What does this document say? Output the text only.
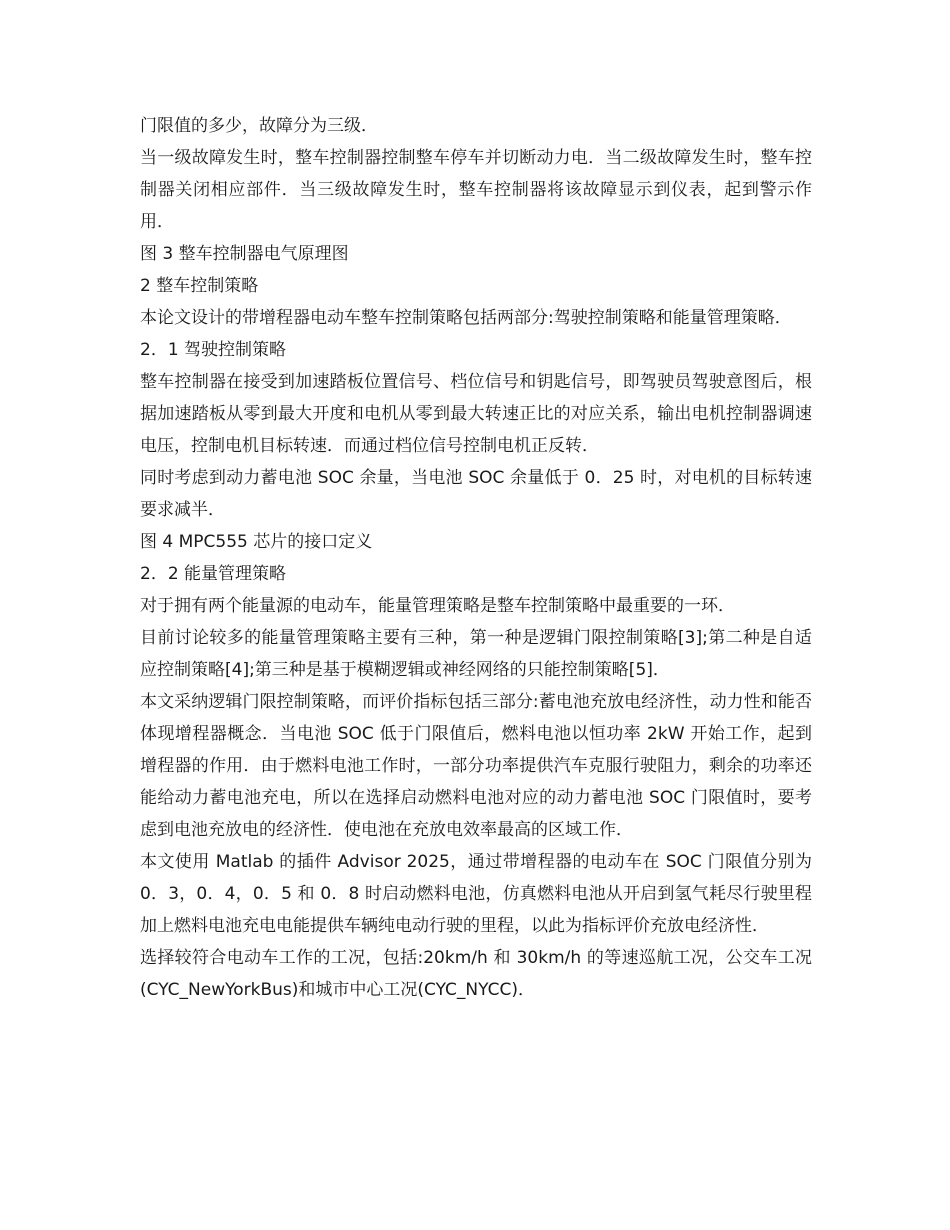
门限值的多少，故障分为三级．

当一级故障发生时，整车控制器控制整车停车并切断动力电．当二级故障发生时，整车控制器关闭相应部件．当三级故障发生时，整车控制器将该故障显示到仪表，起到警示作用．

图 3 整车控制器电气原理图

2 整车控制策略

本论文设计的带增程器电动车整车控制策略包括两部分:驾驶控制策略和能量管理策略．

2．1 驾驶控制策略

整车控制器在接受到加速踏板位置信号、档位信号和钥匙信号，即驾驶员驾驶意图后，根据加速踏板从零到最大开度和电机从零到最大转速正比的对应关系，输出电机控制器调速电压，控制电机目标转速．而通过档位信号控制电机正反转．

同时考虑到动力蓄电池 SOC 余量，当电池 SOC 余量低于 0．25 时，对电机的目标转速要求减半．

图 4 MPC555 芯片的接口定义

2．2 能量管理策略

对于拥有两个能量源的电动车，能量管理策略是整车控制策略中最重要的一环．

目前讨论较多的能量管理策略主要有三种，第一种是逻辑门限控制策略[3];第二种是自适应控制策略[4];第三种是基于模糊逻辑或神经网络的只能控制策略[5]．

本文采纳逻辑门限控制策略，而评价指标包括三部分:蓄电池充放电经济性，动力性和能否体现增程器概念．当电池 SOC 低于门限值后，燃料电池以恒功率 2kW 开始工作，起到增程器的作用．由于燃料电池工作时，一部分功率提供汽车克服行驶阻力，剩余的功率还能给动力蓄电池充电，所以在选择启动燃料电池对应的动力蓄电池 SOC 门限值时，要考虑到电池充放电的经济性．使电池在充放电效率最高的区域工作．

本文使用 Matlab 的插件 Advisor 2025，通过带增程器的电动车在 SOC 门限值分别为 0．3，0．4，0．5 和 0．8 时启动燃料电池，仿真燃料电池从开启到氢气耗尽行驶里程加上燃料电池充电电能提供车辆纯电动行驶的里程，以此为指标评价充放电经济性．

选择较符合电动车工作的工况，包括:20km/h 和 30km/h 的等速巡航工况，公交车工况(CYC_NewYorkBus)和城市中心工况(CYC_NYCC)．
